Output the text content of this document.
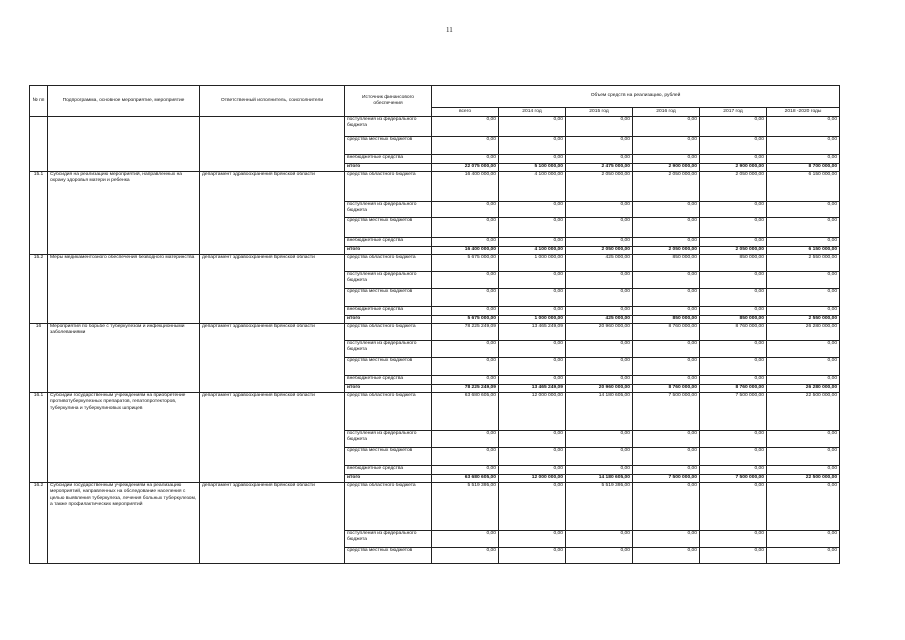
11
№ пп	Подпрограмма, основное мероприятие, мероприятие	Ответственный исполнитель, соисполнители	Источник финансового обеспечения	Объем средств на реализацию, рублей					
				всего	2014 год	2015 год	2016 год	2017 год	2018 -2020 годы
			поступления из федерального бюджета	0,00	0,00	0,00	0,00	0,00	0,00
			средства местных бюджетов	0,00	0,00	0,00	0,00	0,00	0,00
			внебюджетные средства	0,00	0,00	0,00	0,00	0,00	0,00
			итого	22 075 000,00	5 100 000,00	2 475 000,00	2 900 000,00	2 900 000,00	8 700 000,00
15.1	Субсидия на реализацию мероприятий, направленных на охрану здоровья матери и ребенка	департамент здравоохранения Брянской области	средства областного бюджета	16 400 000,00	4 100 000,00	2 050 000,00	2 050 000,00	2 050 000,00	6 150 000,00
			поступления из федерального бюджета	0,00	0,00	0,00	0,00	0,00	0,00
			средства местных бюджетов	0,00	0,00	0,00	0,00	0,00	0,00
			внебюджетные средства	0,00	0,00	0,00	0,00	0,00	0,00
			итого	16 400 000,00	4 100 000,00	2 050 000,00	2 050 000,00	2 050 000,00	6 150 000,00
15.2	Меры медикаментозного обеспечения безводного материнства	департамент здравоохранения Брянской области	средства областного бюджета	5 675 000,00	1 000 000,00	425 000,00	850 000,00	850 000,00	2 550 000,00
			поступления из федерального бюджета	0,00	0,00	0,00	0,00	0,00	0,00
			средства местных бюджетов	0,00	0,00	0,00	0,00	0,00	0,00
			внебюджетные средства	0,00	0,00	0,00	0,00	0,00	0,00
			итого	5 675 000,00	1 000 000,00	425 000,00	850 000,00	850 000,00	2 550 000,00
16	Мероприятия по борьбе с туберкулезом и инфекционными заболеваниями	департамент здравоохранения Брянской области	средства областного бюджета	78 225 249,09	13 465 249,09	20 960 000,00	8 760 000,00	8 760 000,00	26 280 000,00
			поступления из федерального бюджета	0,00	0,00	0,00	0,00	0,00	0,00
			средства местных бюджетов	0,00	0,00	0,00	0,00	0,00	0,00
			внебюджетные средства	0,00	0,00	0,00	0,00	0,00	0,00
			итого	78 225 249,09	13 465 249,09	20 960 000,00	8 760 000,00	8 760 000,00	26 280 000,00
16.1	Субсидии государственным учреждениям на приобретение противотуберкулезных препаратов, гепатопротекторов, туберкулина и туберкулиновых шприцев	департамент здравоохранения Брянской области	средства областного бюджета	63 680 605,00	12 000 000,00	14 180 605,00	7 500 000,00	7 500 000,00	22 500 000,00
			поступления из федерального бюджета	0,00	0,00	0,00	0,00	0,00	0,00
			средства местных бюджетов	0,00	0,00	0,00	0,00	0,00	0,00
			внебюджетные средства	0,00	0,00	0,00	0,00	0,00	0,00
			итого	63 680 605,00	12 000 000,00	14 180 605,00	7 500 000,00	7 500 000,00	22 500 000,00
16.2	Субсидии государственным учреждениям на реализацию мероприятий, направленных на обследование населения с целью выявления туберкулеза, лечения больных туберкулезом, а также профилактических мероприятий	департамент здравоохранения Брянской области	средства областного бюджета	5 519 395,00	0,00	5 519 395,00	0,00	0,00	0,00
			поступления из федерального бюджета	0,00	0,00	0,00	0,00	0,00	0,00
			средства местных бюджетов	0,00	0,00	0,00	0,00	0,00	0,00
